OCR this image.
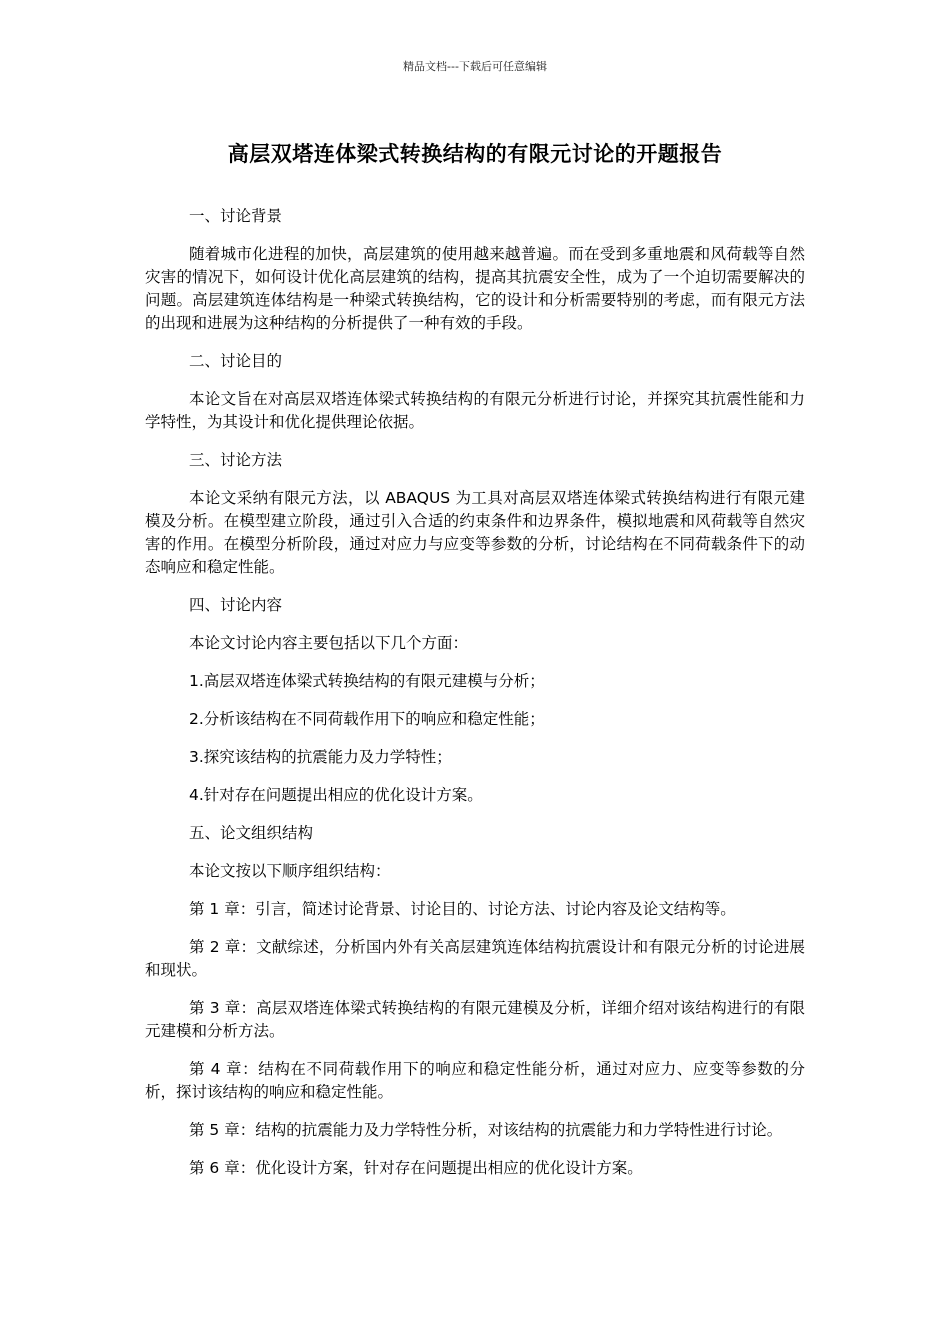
精品文档---下载后可任意编辑
高层双塔连体梁式转换结构的有限元讨论的开题报告

一、讨论背景

随着城市化进程的加快，高层建筑的使用越来越普遍。而在受到多重地震和风荷载等自然灾害的情况下，如何设计优化高层建筑的结构，提高其抗震安全性，成为了一个迫切需要解决的问题。高层建筑连体结构是一种梁式转换结构，它的设计和分析需要特别的考虑，而有限元方法的出现和进展为这种结构的分析提供了一种有效的手段。

二、讨论目的

本论文旨在对高层双塔连体梁式转换结构的有限元分析进行讨论，并探究其抗震性能和力学特性，为其设计和优化提供理论依据。

三、讨论方法

本论文采纳有限元方法，以 ABAQUS 为工具对高层双塔连体梁式转换结构进行有限元建模及分析。在模型建立阶段，通过引入合适的约束条件和边界条件，模拟地震和风荷载等自然灾害的作用。在模型分析阶段，通过对应力与应变等参数的分析，讨论结构在不同荷载条件下的动态响应和稳定性能。

四、讨论内容

本论文讨论内容主要包括以下几个方面：

1.高层双塔连体梁式转换结构的有限元建模与分析；

2.分析该结构在不同荷载作用下的响应和稳定性能；

3.探究该结构的抗震能力及力学特性；

4.针对存在问题提出相应的优化设计方案。

五、论文组织结构

本论文按以下顺序组织结构：

第 1 章：引言，简述讨论背景、讨论目的、讨论方法、讨论内容及论文结构等。

第 2 章：文献综述，分析国内外有关高层建筑连体结构抗震设计和有限元分析的讨论进展和现状。

第 3 章：高层双塔连体梁式转换结构的有限元建模及分析，详细介绍对该结构进行的有限元建模和分析方法。

第 4 章：结构在不同荷载作用下的响应和稳定性能分析，通过对应力、应变等参数的分析，探讨该结构的响应和稳定性能。

第 5 章：结构的抗震能力及力学特性分析，对该结构的抗震能力和力学特性进行讨论。

第 6 章：优化设计方案，针对存在问题提出相应的优化设计方案。
